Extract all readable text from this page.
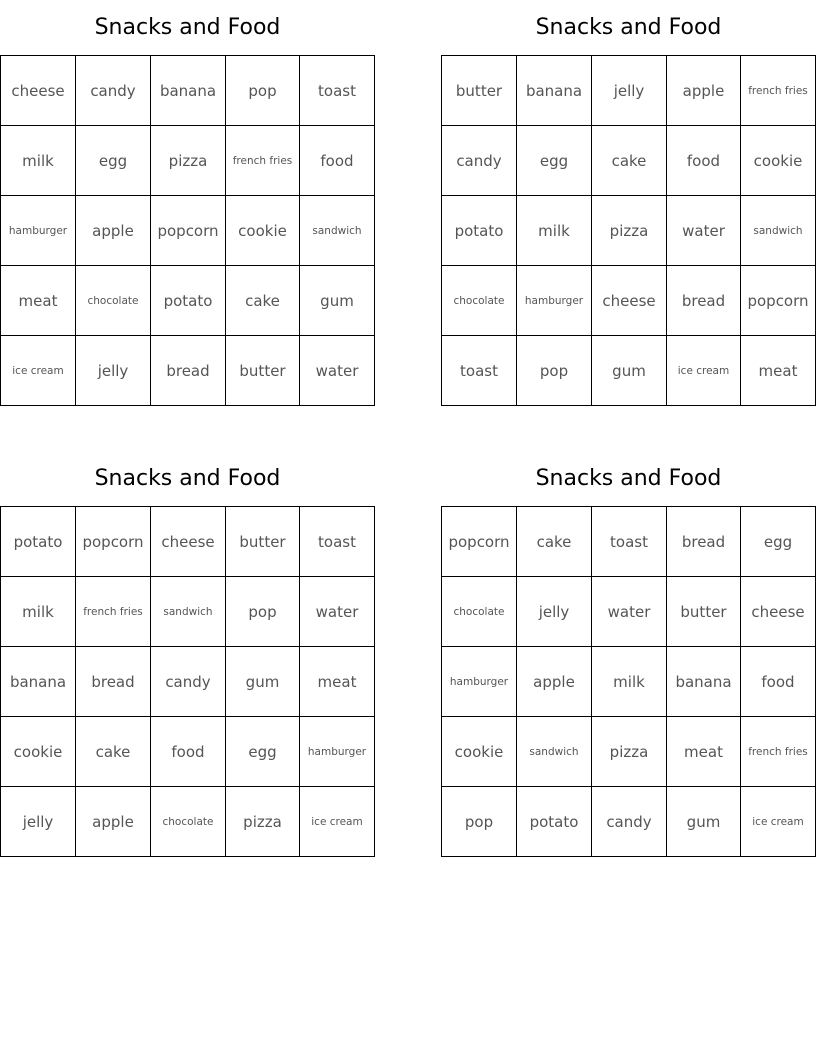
Snacks and Food
cheese	candy	banana	pop	toast
milk	egg	pizza	french fries	food
hamburger	apple	popcorn	cookie	sandwich
meat	chocolate	potato	cake	gum
ice cream	jelly	bread	butter	water
Snacks and Food
butter	banana	jelly	apple	french fries
candy	egg	cake	food	cookie
potato	milk	pizza	water	sandwich
chocolate	hamburger	cheese	bread	popcorn
toast	pop	gum	ice cream	meat
Snacks and Food
potato	popcorn	cheese	butter	toast
milk	french fries	sandwich	pop	water
banana	bread	candy	gum	meat
cookie	cake	food	egg	hamburger
jelly	apple	chocolate	pizza	ice cream
Snacks and Food
popcorn	cake	toast	bread	egg
chocolate	jelly	water	butter	cheese
hamburger	apple	milk	banana	food
cookie	sandwich	pizza	meat	french fries
pop	potato	candy	gum	ice cream
